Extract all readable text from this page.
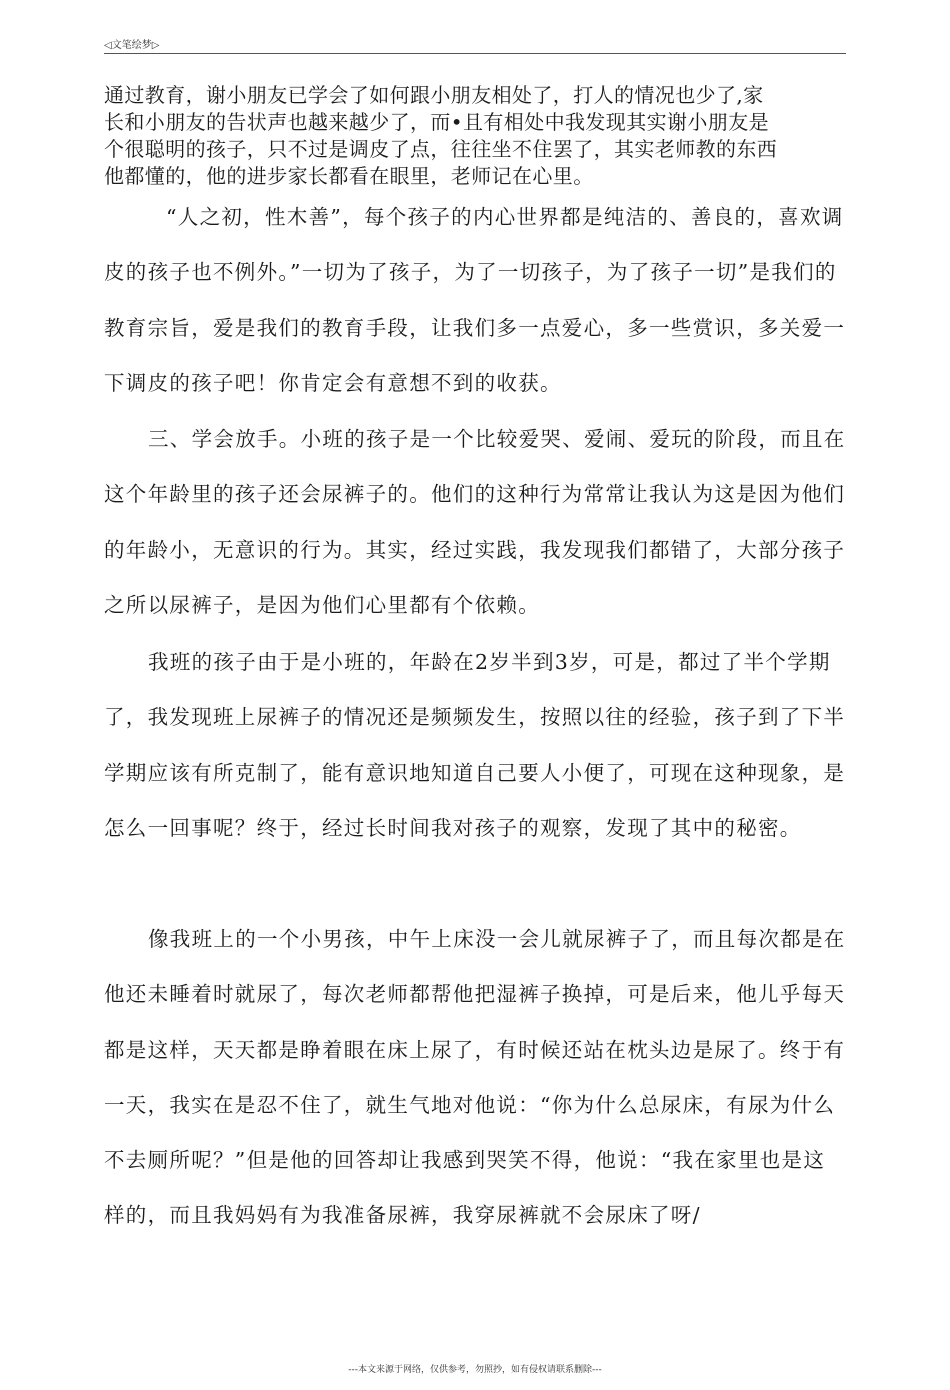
◁文笔绘梦▷

通过教育，谢小朋友已学会了如何跟小朋友相处了，打人的情况也少了,家

长和小朋友的告状声也越来越少了，而•且有相处中我发现其实谢小朋友是

个很聪明的孩子，只不过是调皮了点，往往坐不住罢了，其实老师教的东西

他都懂的，他的进步家长都看在眼里，老师记在心里。

“人之初，性木善”，每个孩子的内心世界都是纯洁的、善良的，喜欢调皮的孩子也不例外。”一切为了孩子，为了一切孩子，为了孩子一切”是我们的教育宗旨，爱是我们的教育手段，让我们多一点爱心，多一些赏识，多关爱一下调皮的孩子吧！你肯定会有意想不到的收获。

三、学会放手。小班的孩子是一个比较爱哭、爱闹、爱玩的阶段，而且在这个年龄里的孩子还会尿裤子的。他们的这种行为常常让我认为这是因为他们的年龄小，无意识的行为。其实，经过实践，我发现我们都错了，大部分孩子之所以尿裤子，是因为他们心里都有个依赖。

我班的孩子由于是小班的，年龄在2岁半到3岁，可是，都过了半个学期了，我发现班上尿裤子的情况还是频频发生，按照以往的经验，孩子到了下半学期应该有所克制了，能有意识地知道自己要人小便了，可现在这种现象，是怎么一回事呢？终于，经过长时间我对孩子的观察，发现了其中的秘密。

像我班上的一个小男孩，中午上床没一会儿就尿裤子了，而且每次都是在他还未睡着时就尿了，每次老师都帮他把湿裤子换掉，可是后来，他儿乎每天都是这样，天天都是睁着眼在床上尿了，有时候还站在枕头边是尿了。终于有一天，我实在是忍不住了，就生气地对他说：“你为什么总尿床，有尿为什么不去厕所呢？”但是他的回答却让我感到哭笑不得，他说：“我在家里也是这样的，而且我妈妈有为我准备尿裤，我穿尿裤就不会尿床了呀/

---本文来源于网络，仅供参考，勿照抄，如有侵权请联系删除---
